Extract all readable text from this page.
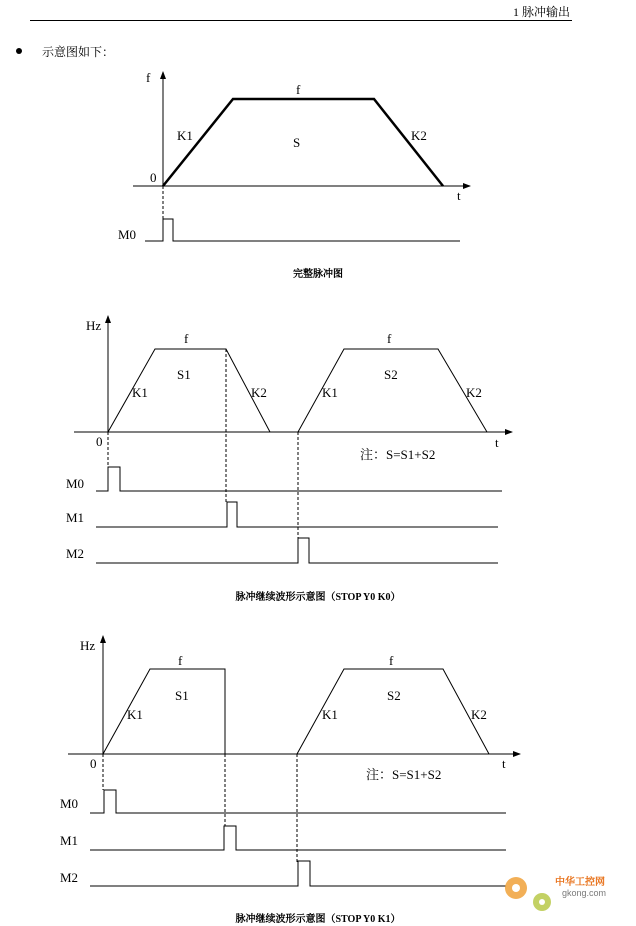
1 脉冲输出
示意图如下：
f
t
0
f
S
K1	K2
M0
Hz
t
0
f	f
S1	S2
K1	K2	K1	K2
注：S=S1+S2
M0
M1
M2
Hz
t
0
f	f
S1	S2
K1	K1	K2
注：S=S1+S2
M0
M1
M2
完整脉冲图
脉冲继续波形示意图（STOP Y0 K0）
脉冲继续波形示意图（STOP Y0 K1）
中华工控网
gkong.com
